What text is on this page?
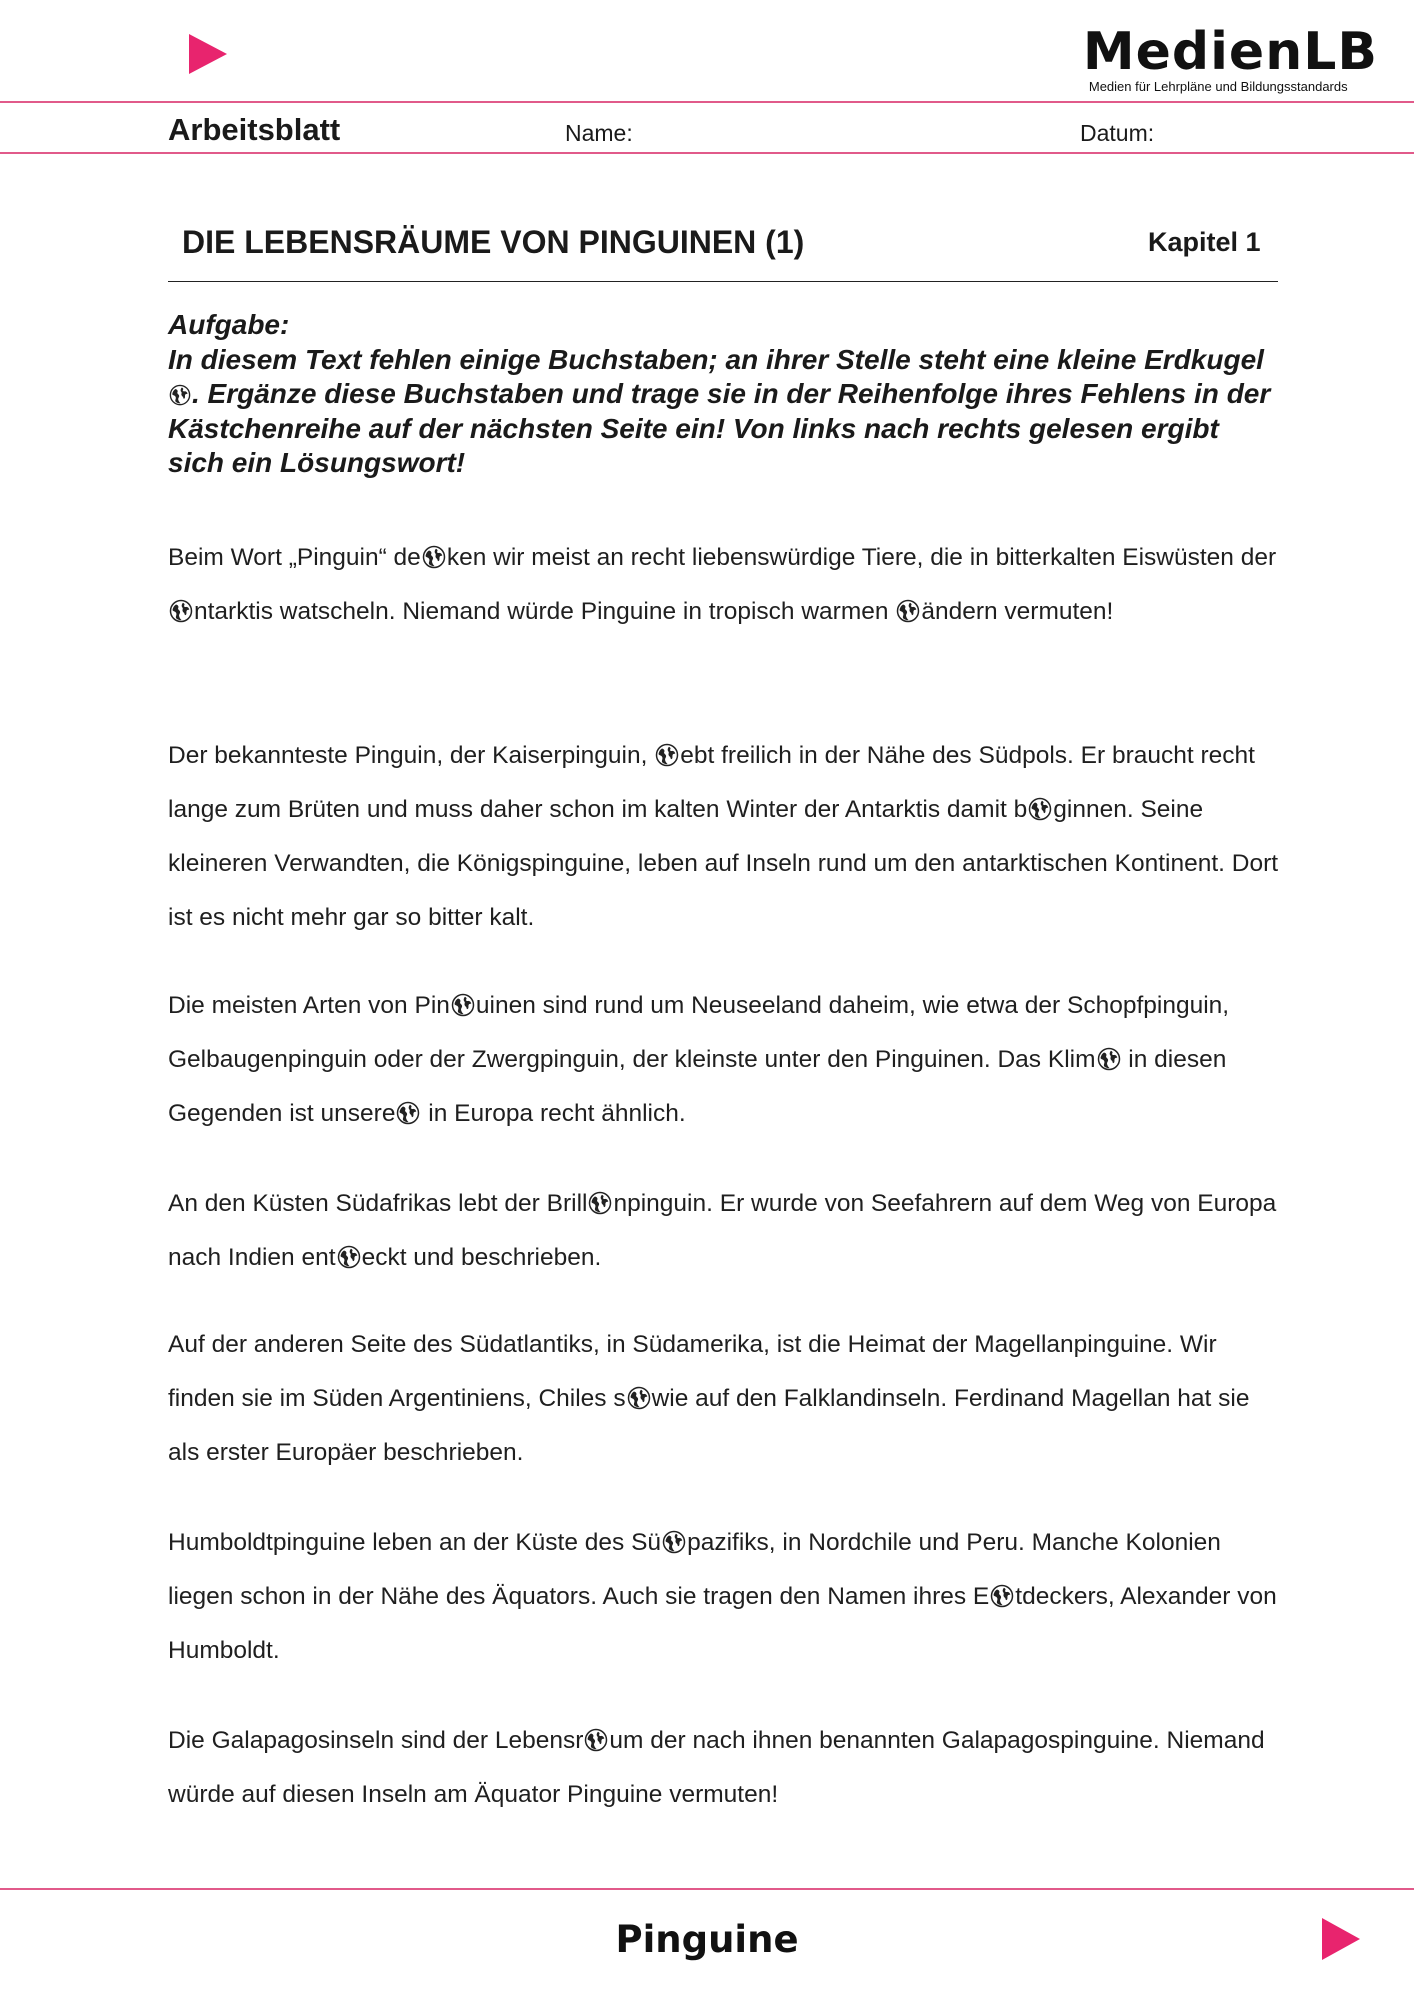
MedienLB
Medien für Lehrpläne und Bildungsstandards
Arbeitsblatt	Name:	Datum:
DIE LEBENSRÄUME VON PINGUINEN (1)	Kapitel 1
Aufgabe:
In diesem Text fehlen einige Buchstaben; an ihrer Stelle steht eine kleine Erdkugel . Ergänze diese Buchstaben und trage sie in der Reihenfolge ihres Fehlens in der Kästchenreihe auf der nächsten Seite ein! Von links nach rechts gelesen ergibt sich ein Lösungswort!
Beim Wort „Pinguin“ de ken wir meist an recht liebenswürdige Tiere, die in bitterkalten Eiswüsten der ntarktis watscheln. Niemand würde Pinguine in tropisch warmen ändern vermuten!
Der bekannteste Pinguin, der Kaiserpinguin, ebt freilich in der Nähe des Südpols. Er braucht recht lange zum Brüten und muss daher schon im kalten Winter der Antarktis damit b ginnen. Seine kleineren Verwandten, die Königspinguine, leben auf Inseln rund um den antarktischen Kontinent. Dort ist es nicht mehr gar so bitter kalt.
Die meisten Arten von Pin uinen sind rund um Neuseeland daheim, wie etwa der Schopfpinguin, Gelbaugenpinguin oder der Zwergpinguin, der kleinste unter den Pinguinen. Das Klim in diesen Gegenden ist unsere in Europa recht ähnlich.
An den Küsten Südafrikas lebt der Brill npinguin. Er wurde von Seefahrern auf dem Weg von Europa nach Indien ent eckt und beschrieben.
Auf der anderen Seite des Südatlantiks, in Südamerika, ist die Heimat der Magellanpinguine. Wir finden sie im Süden Argentiniens, Chiles s wie auf den Falklandinseln. Ferdinand Magellan hat sie als erster Europäer beschrieben.
Humboldtpinguine leben an der Küste des Sü pazifiks, in Nordchile und Peru. Manche Kolonien liegen schon in der Nähe des Äquators. Auch sie tragen den Namen ihres E tdeckers, Alexander von Humboldt.
Die Galapagosinseln sind der Lebensr um der nach ihnen benannten Galapagospinguine. Niemand würde auf diesen Inseln am Äquator Pinguine vermuten!
Pinguine
